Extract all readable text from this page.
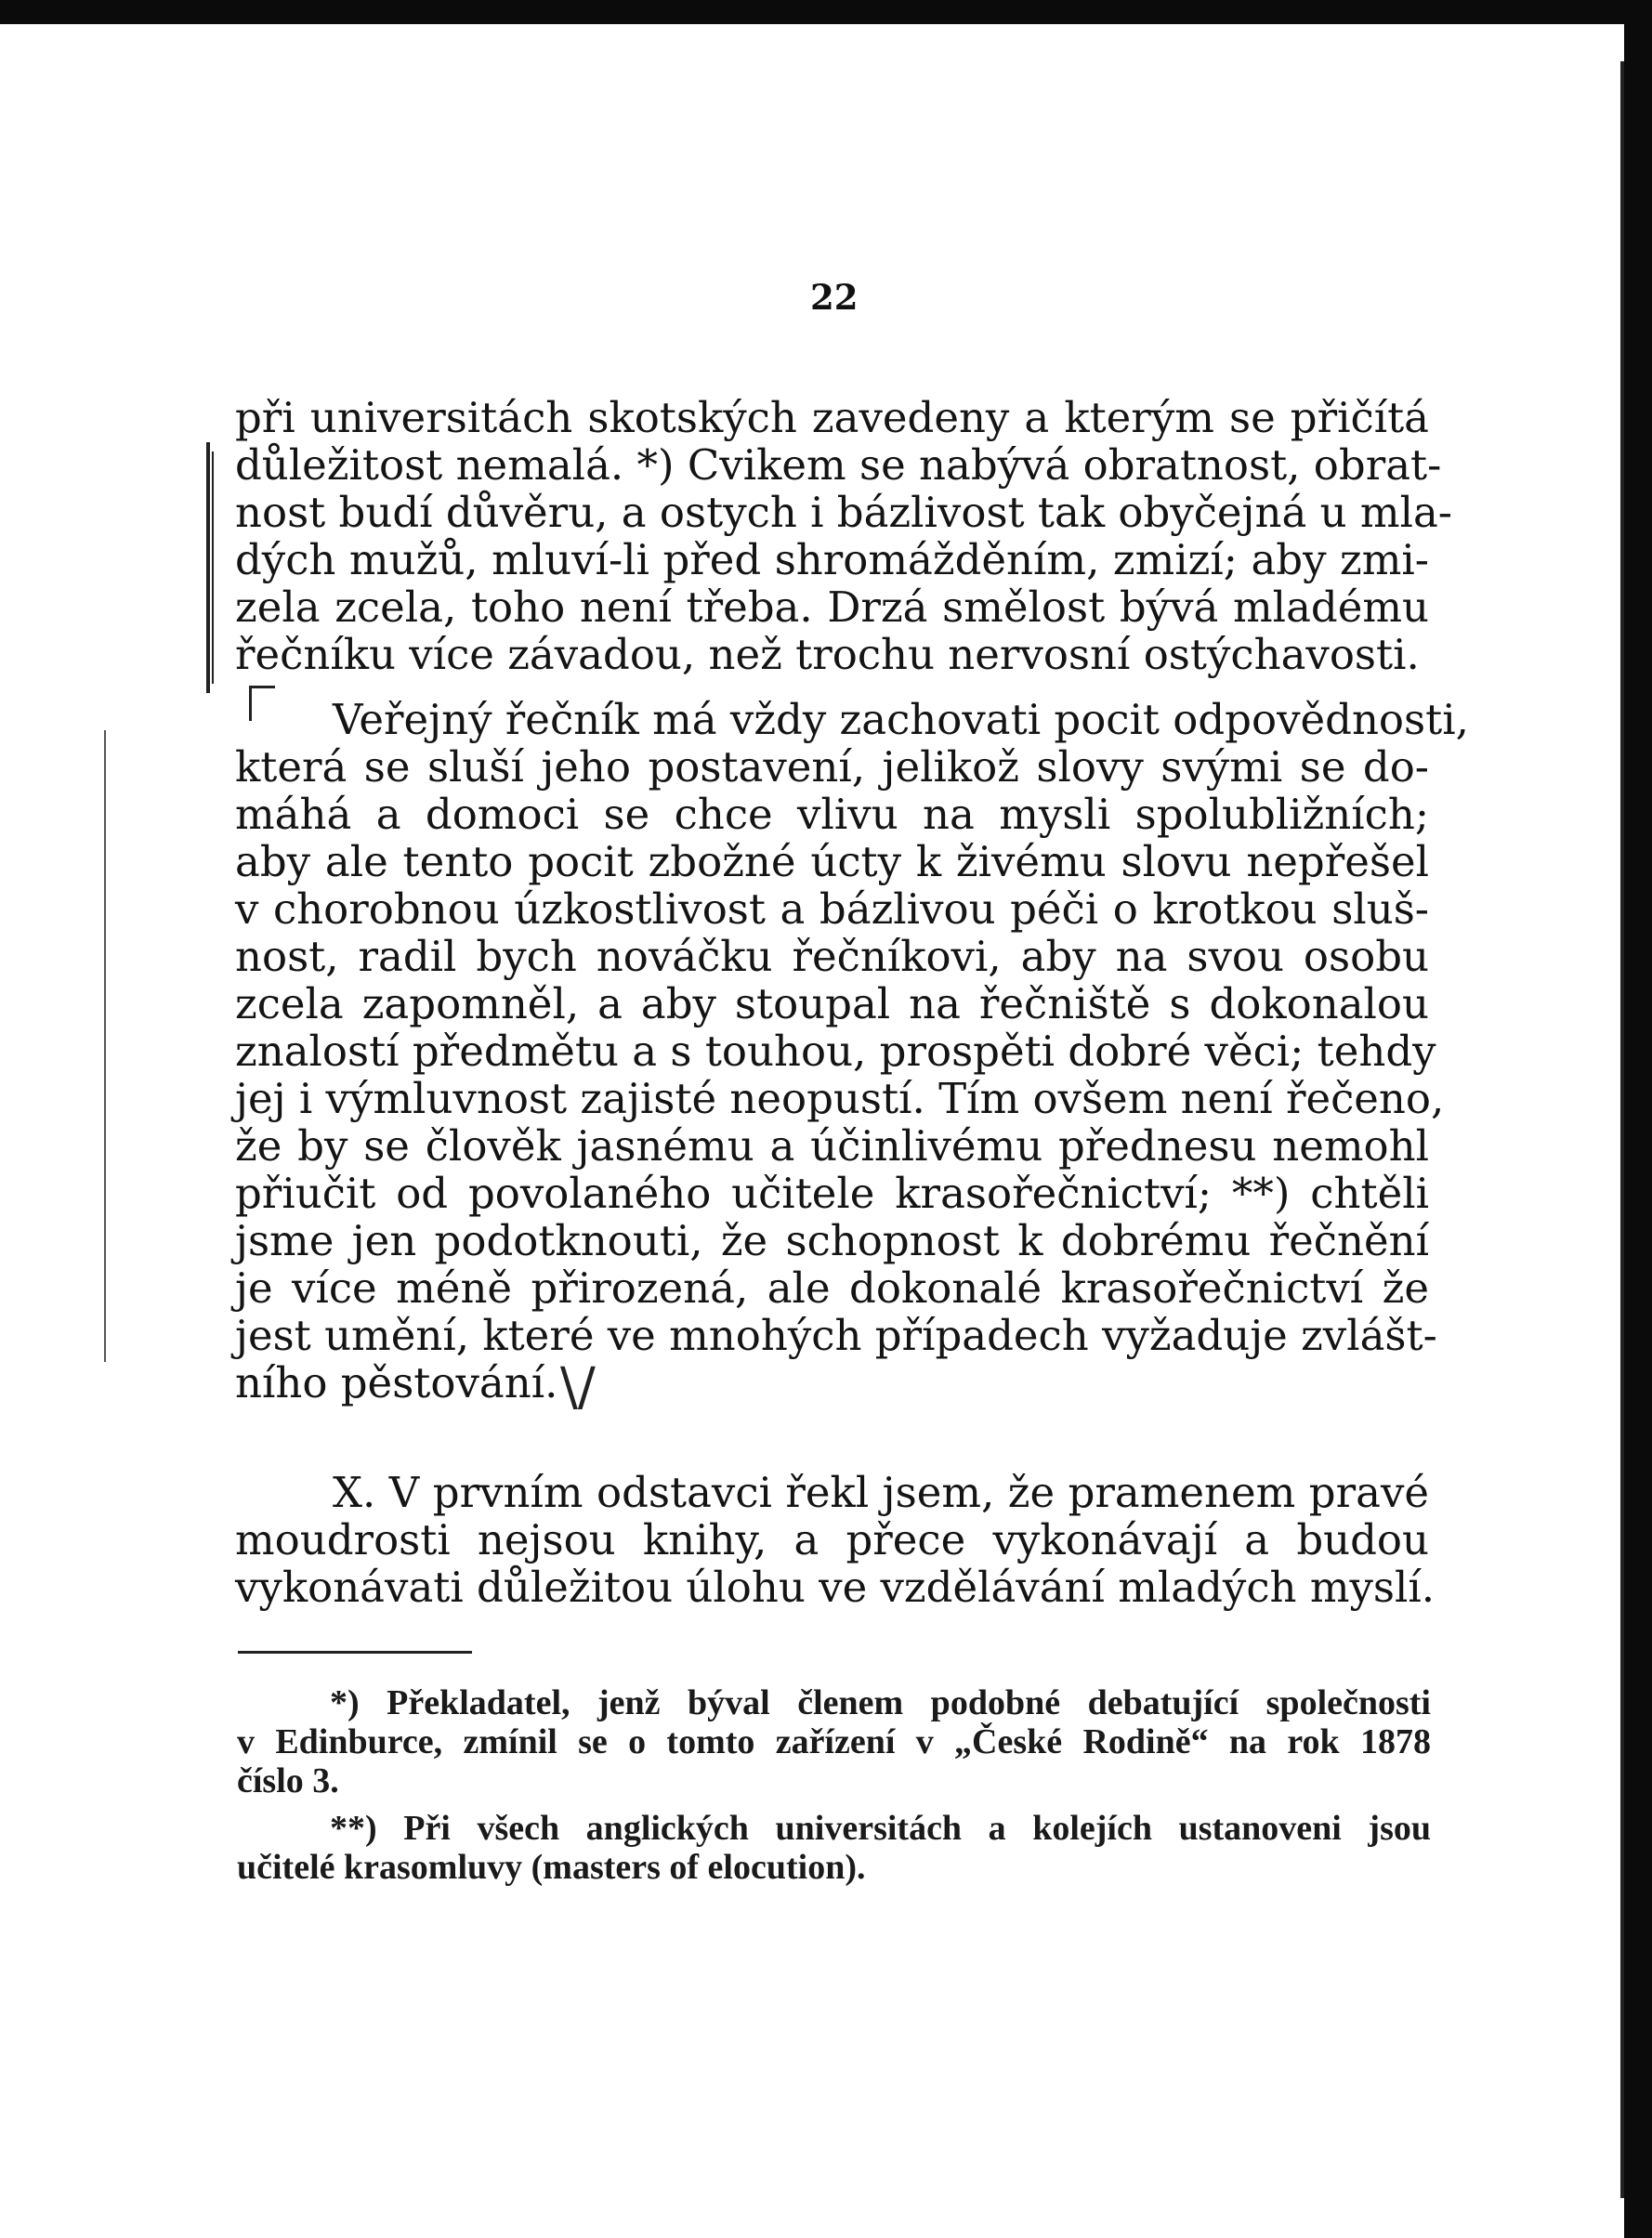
22
při universitách skotských zavedeny a kterým se přičítá
důležitost nemalá. *) Cvikem se nabývá obratnost, obrat-
nost budí důvěru, a ostych i bázlivost tak obyčejná u mla-
dých mužů, mluví-li před shromážděním, zmizí; aby zmi-
zela zcela, toho není třeba. Drzá smělost bývá mladému
řečníku více závadou, než trochu nervosní ostýchavosti.
Veřejný řečník má vždy zachovati pocit odpovědnosti,
která se sluší jeho postavení, jelikož slovy svými se do-
máhá a domoci se chce vlivu na mysli spolubližních;
aby ale tento pocit zbožné úcty k živému slovu nepřešel
v chorobnou úzkostlivost a bázlivou péči o krotkou sluš-
nost, radil bych nováčku řečníkovi, aby na svou osobu
zcela zapomněl, a aby stoupal na řečniště s dokonalou
znalostí předmětu a s touhou, prospěti dobré věci; tehdy
jej i výmluvnost zajisté neopustí. Tím ovšem není řečeno,
že by se člověk jasnému a účinlivému přednesu nemohl
přiučit od povolaného učitele krasořečnictví; **) chtěli
jsme jen podotknouti, že schopnost k dobrému řečnění
je více méně přirozená, ale dokonalé krasořečnictví že
jest umění, které ve mnohých případech vyžaduje zvlášt-
ního pěstování.
X. V prvním odstavci řekl jsem, že pramenem pravé
moudrosti nejsou knihy, a přece vykonávají a budou
vykonávati důležitou úlohu ve vzdělávání mladých myslí.
*) Překladatel, jenž býval členem podobné debatující společnosti
v Edinburce, zmínil se o tomto zařízení v „České Rodině“ na rok 1878
číslo 3.
**) Při všech anglických universitách a kolejích ustanoveni jsou
učitelé krasomluvy (masters of elocution).
\/
